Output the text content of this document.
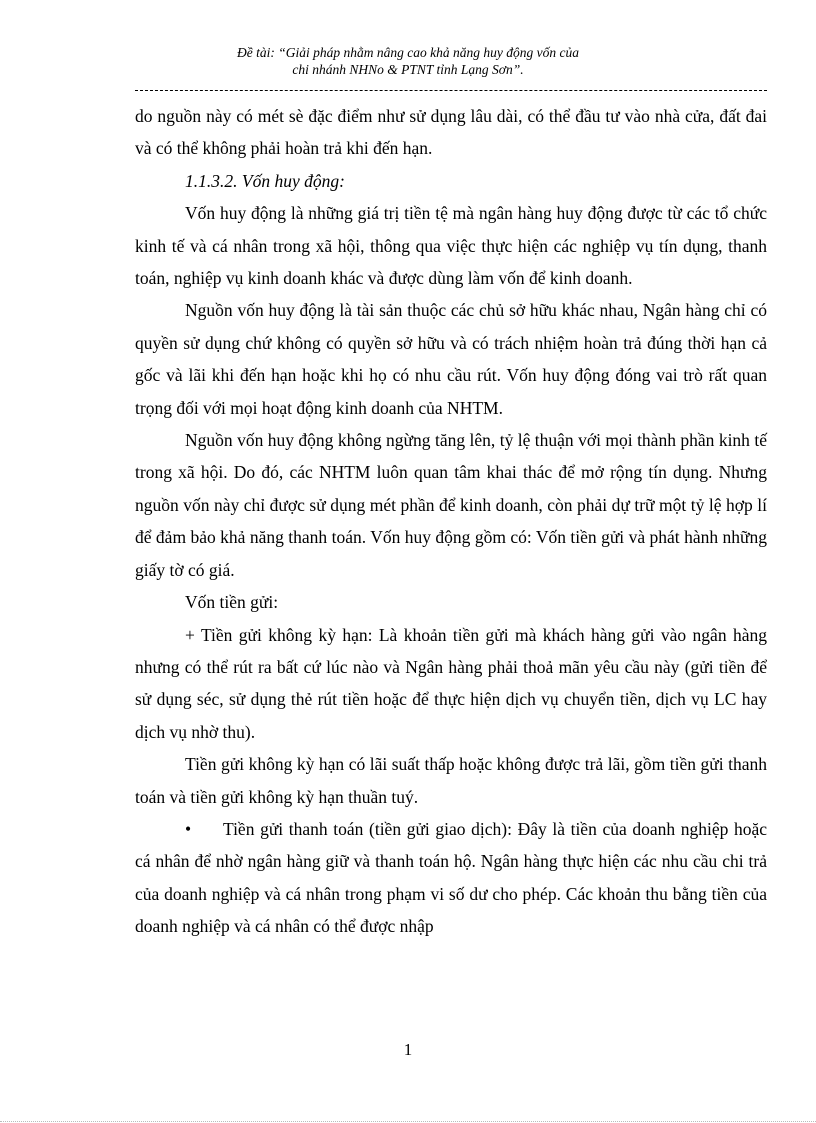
Đề tài: “Giải pháp nhằm nâng cao khả năng huy động vốn của
chi nhánh NHNo & PTNT tỉnh Lạng Sơn”.

do nguồn này có mét sè đặc điểm như sử dụng lâu dài, có thể đầu tư vào nhà cửa, đất đai và có thể không phải hoàn trả khi đến hạn.

1.1.3.2. Vốn huy động:

Vốn huy động là những giá trị tiền tệ mà ngân hàng huy động được từ các tổ chức kinh tế và cá nhân trong xã hội, thông qua việc thực hiện các nghiệp vụ tín dụng, thanh toán, nghiệp vụ kinh doanh khác và được dùng làm vốn để kinh doanh.

Nguồn vốn huy động là tài sản thuộc các chủ sở hữu khác nhau, Ngân hàng chỉ có quyền sử dụng chứ không có quyền sở hữu và có trách nhiệm hoàn trả đúng thời hạn cả gốc và lãi khi đến hạn hoặc khi họ có nhu cầu rút. Vốn huy động đóng vai trò rất quan trọng đối với mọi hoạt động kinh doanh của NHTM.

Nguồn vốn huy động không ngừng tăng lên, tỷ lệ thuận với mọi thành phần kinh tế trong xã hội. Do đó, các NHTM luôn quan tâm khai thác để mở rộng tín dụng. Nhưng nguồn vốn này chỉ được sử dụng mét phần để kinh doanh, còn phải dự trữ một tỷ lệ hợp lí để đảm bảo khả năng thanh toán. Vốn huy động gồm có: Vốn tiền gửi và phát hành những giấy tờ có giá.

Vốn tiền gửi:

+ Tiền gửi không kỳ hạn: Là khoản tiền gửi mà khách hàng gửi vào ngân hàng nhưng có thể rút ra bất cứ lúc nào và Ngân hàng phải thoả mãn yêu cầu này (gửi tiền để sử dụng séc, sử dụng thẻ rút tiền hoặc để thực hiện dịch vụ chuyển tiền, dịch vụ LC hay dịch vụ nhờ thu).

Tiền gửi không kỳ hạn có lãi suất thấp hoặc không được trả lãi, gồm tiền gửi thanh toán và tiền gửi không kỳ hạn thuần tuý.

• Tiền gửi thanh toán (tiền gửi giao dịch): Đây là tiền của doanh nghiệp hoặc cá nhân để nhờ ngân hàng giữ và thanh toán hộ. Ngân hàng thực hiện các nhu cầu chi trả của doanh nghiệp và cá nhân trong phạm vi số dư cho phép. Các khoản thu bằng tiền của doanh nghiệp và cá nhân có thể được nhập

1
